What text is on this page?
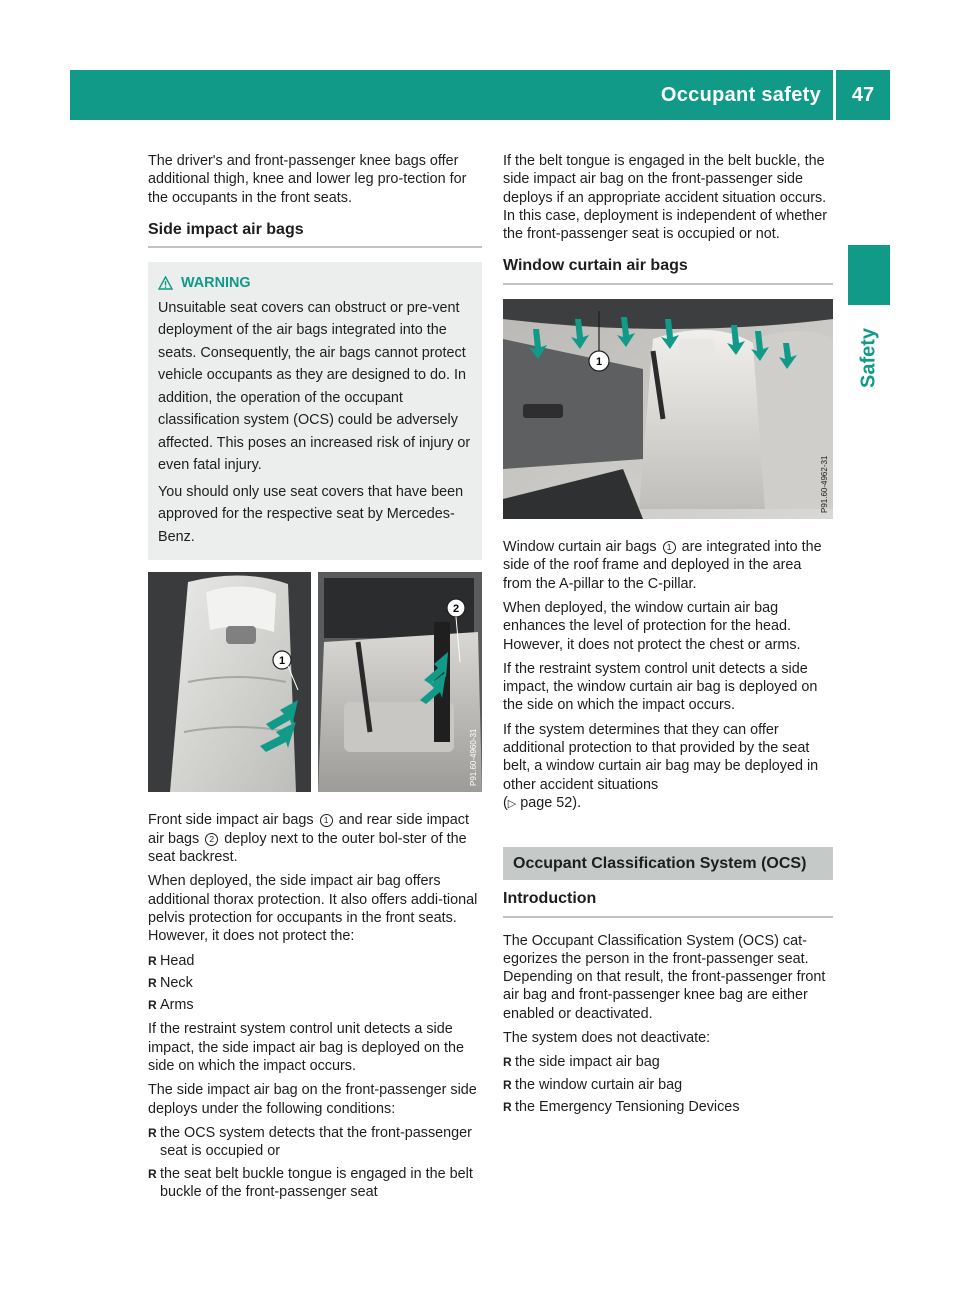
Occupant safety	47
Safety

The driver's and front-passenger knee bags offer additional thigh, knee and lower leg pro-tection for the occupants in the front seats.

Side impact air bags
WARNING

Unsuitable seat covers can obstruct or pre-vent deployment of the air bags integrated into the seats. Consequently, the air bags cannot protect vehicle occupants as they are designed to do. In addition, the operation of the occupant classification system (OCS) could be adversely affected. This poses an increased risk of injury or even fatal injury.

You should only use seat covers that have been approved for the respective seat by Mercedes-Benz.

1
2
P91.60-4960-31

Front side impact air bags 1 and rear side impact air bags 2 deploy next to the outer bol-ster of the seat backrest.

When deployed, the side impact air bag offers additional thorax protection. It also offers addi-tional pelvis protection for occupants in the front seats. However, it does not protect the:

R Head
R Neck
R Arms

If the restraint system control unit detects a side impact, the side impact air bag is deployed on the side on which the impact occurs.

The side impact air bag on the front-passenger side deploys under the following conditions:

R the OCS system detects that the front-passenger seat is occupied or
R the seat belt buckle tongue is engaged in the belt buckle of the front-passenger seat

If the belt tongue is engaged in the belt buckle, the side impact air bag on the front-passenger side deploys if an appropriate accident situation occurs. In this case, deployment is independent of whether the front-passenger seat is occupied or not.

Window curtain air bags
1
P91.60-4962-31

Window curtain air bags 1 are integrated into the side of the roof frame and deployed in the area from the A-pillar to the C-pillar.

When deployed, the window curtain air bag enhances the level of protection for the head. However, it does not protect the chest or arms.

If the restraint system control unit detects a side impact, the window curtain air bag is deployed on the side on which the impact occurs.

If the system determines that they can offer additional protection to that provided by the seat belt, a window curtain air bag may be deployed in other accident situations
(▷ page 52).

Occupant Classification System (OCS)
Introduction

The Occupant Classification System (OCS) cat-egorizes the person in the front-passenger seat. Depending on that result, the front-passenger front air bag and front-passenger knee bag are either enabled or deactivated.

The system does not deactivate:

R the side impact air bag
R the window curtain air bag
R the Emergency Tensioning Devices
